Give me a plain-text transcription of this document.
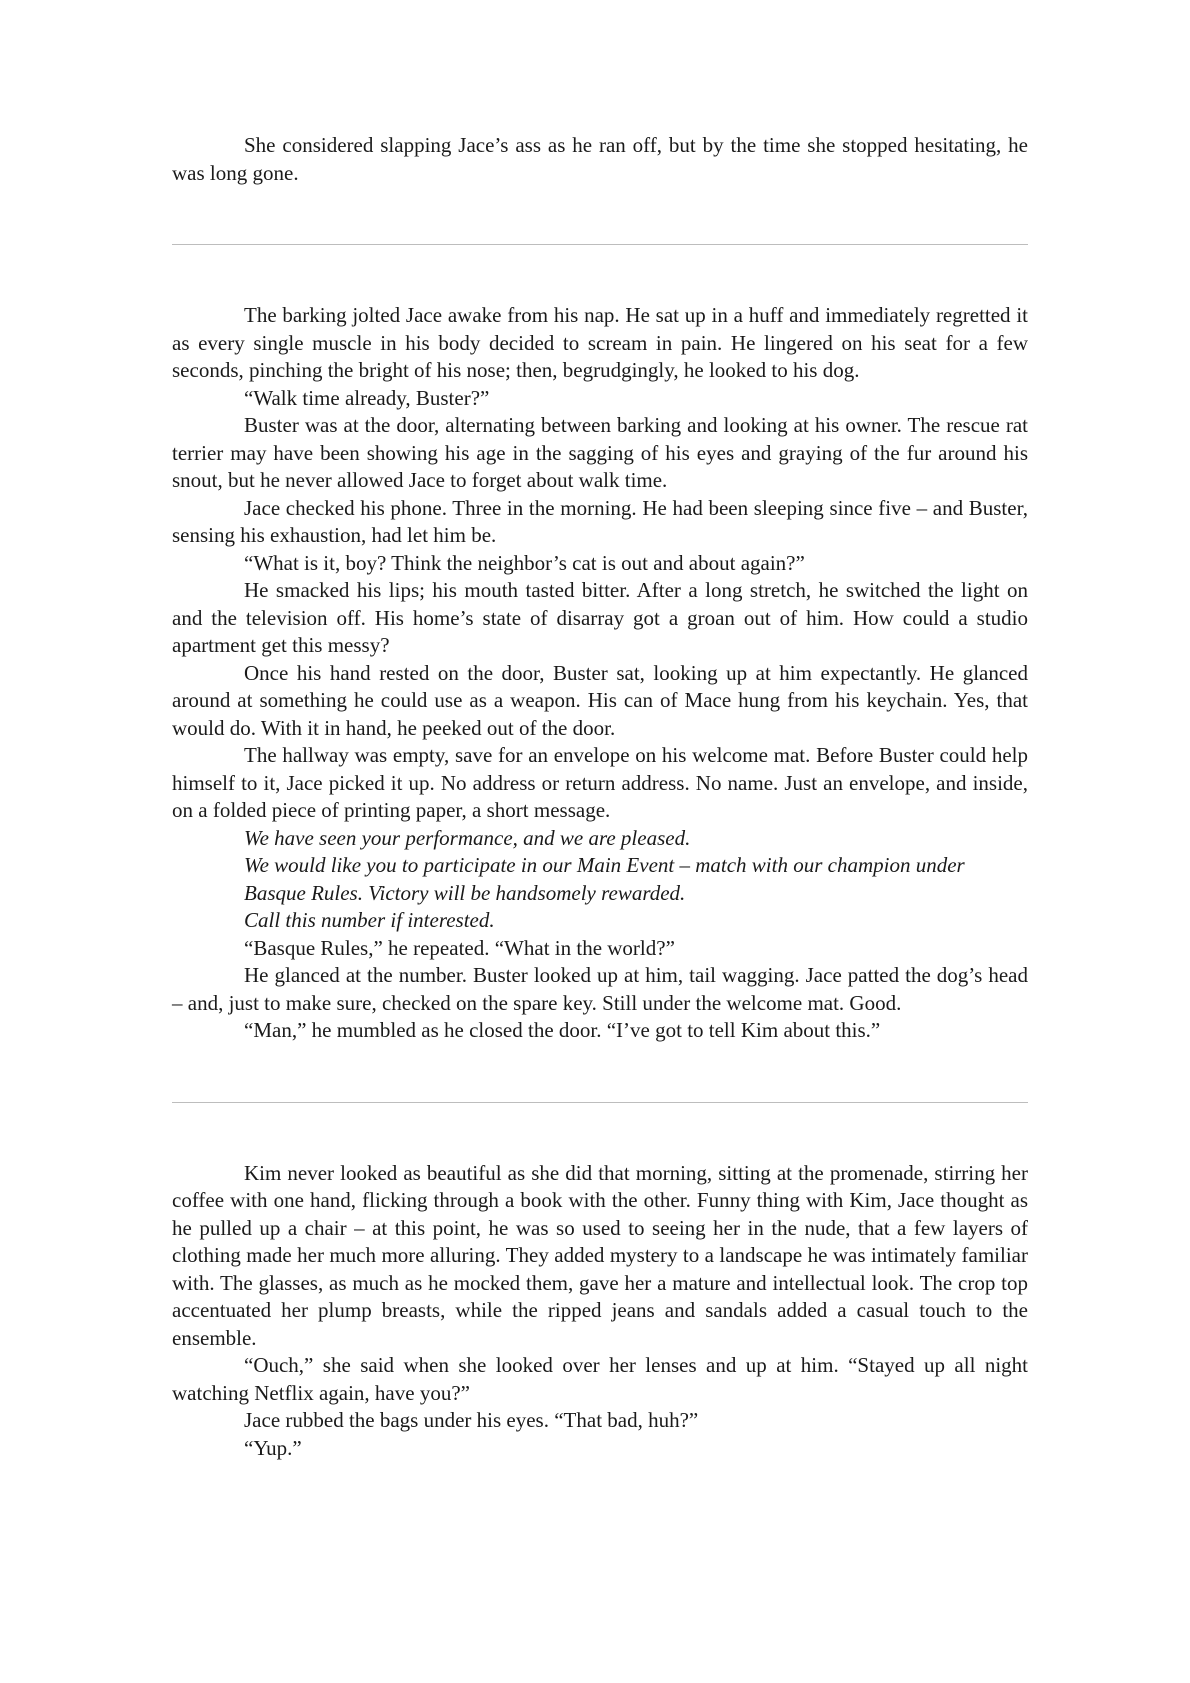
She considered slapping Jace’s ass as he ran off, but by the time she stopped hesitating, he was long gone.

The barking jolted Jace awake from his nap. He sat up in a huff and immediately regretted it as every single muscle in his body decided to scream in pain. He lingered on his seat for a few seconds, pinching the bright of his nose; then, begrudgingly, he looked to his dog.

“Walk time already, Buster?”

Buster was at the door, alternating between barking and looking at his owner. The rescue rat terrier may have been showing his age in the sagging of his eyes and graying of the fur around his snout, but he never allowed Jace to forget about walk time.

Jace checked his phone. Three in the morning. He had been sleeping since five – and Buster, sensing his exhaustion, had let him be.

“What is it, boy? Think the neighbor’s cat is out and about again?”

He smacked his lips; his mouth tasted bitter. After a long stretch, he switched the light on and the television off. His home’s state of disarray got a groan out of him. How could a studio apartment get this messy?

Once his hand rested on the door, Buster sat, looking up at him expectantly. He glanced around at something he could use as a weapon. His can of Mace hung from his keychain. Yes, that would do. With it in hand, he peeked out of the door.

The hallway was empty, save for an envelope on his welcome mat. Before Buster could help himself to it, Jace picked it up. No address or return address. No name. Just an envelope, and inside, on a folded piece of printing paper, a short message.

We have seen your performance, and we are pleased.

We would like you to participate in our Main Event – match with our champion under Basque Rules. Victory will be handsomely rewarded.

Call this number if interested.

“Basque Rules,” he repeated. “What in the world?”

He glanced at the number. Buster looked up at him, tail wagging. Jace patted the dog’s head – and, just to make sure, checked on the spare key. Still under the welcome mat. Good.

“Man,” he mumbled as he closed the door. “I’ve got to tell Kim about this.”

Kim never looked as beautiful as she did that morning, sitting at the promenade, stirring her coffee with one hand, flicking through a book with the other. Funny thing with Kim, Jace thought as he pulled up a chair – at this point, he was so used to seeing her in the nude, that a few layers of clothing made her much more alluring. They added mystery to a landscape he was intimately familiar with. The glasses, as much as he mocked them, gave her a mature and intellectual look. The crop top accentuated her plump breasts, while the ripped jeans and sandals added a casual touch to the ensemble.

“Ouch,” she said when she looked over her lenses and up at him. “Stayed up all night watching Netflix again, have you?”

Jace rubbed the bags under his eyes. “That bad, huh?”

“Yup.”
